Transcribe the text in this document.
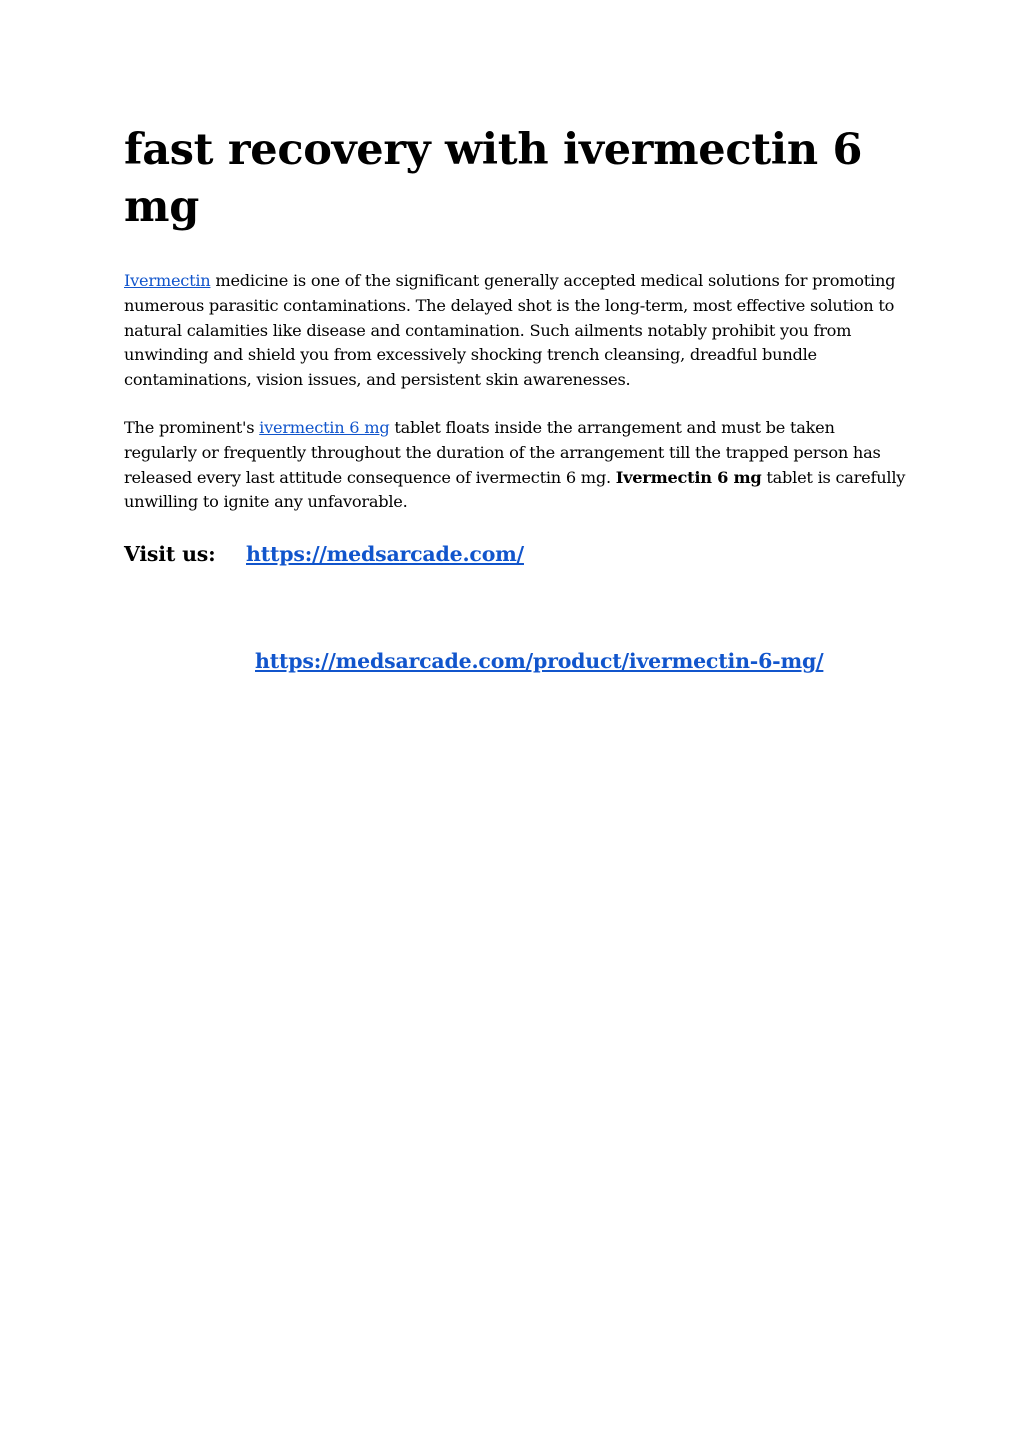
fast recovery with ivermectin 6 mg

Ivermectin medicine is one of the significant generally accepted medical solutions for promoting numerous parasitic contaminations. The delayed shot is the long-term, most effective solution to natural calamities like disease and contamination. Such ailments notably prohibit you from unwinding and shield you from excessively shocking trench cleansing, dreadful bundle contaminations, vision issues, and persistent skin awarenesses.

The prominent's ivermectin 6 mg tablet floats inside the arrangement and must be taken regularly or frequently throughout the duration of the arrangement till the trapped person has released every last attitude consequence of ivermectin 6 mg. Ivermectin 6 mg tablet is carefully unwilling to ignite any unfavorable.

Visit us: https://medsarcade.com/
https://medsarcade.com/product/ivermectin-6-mg/
